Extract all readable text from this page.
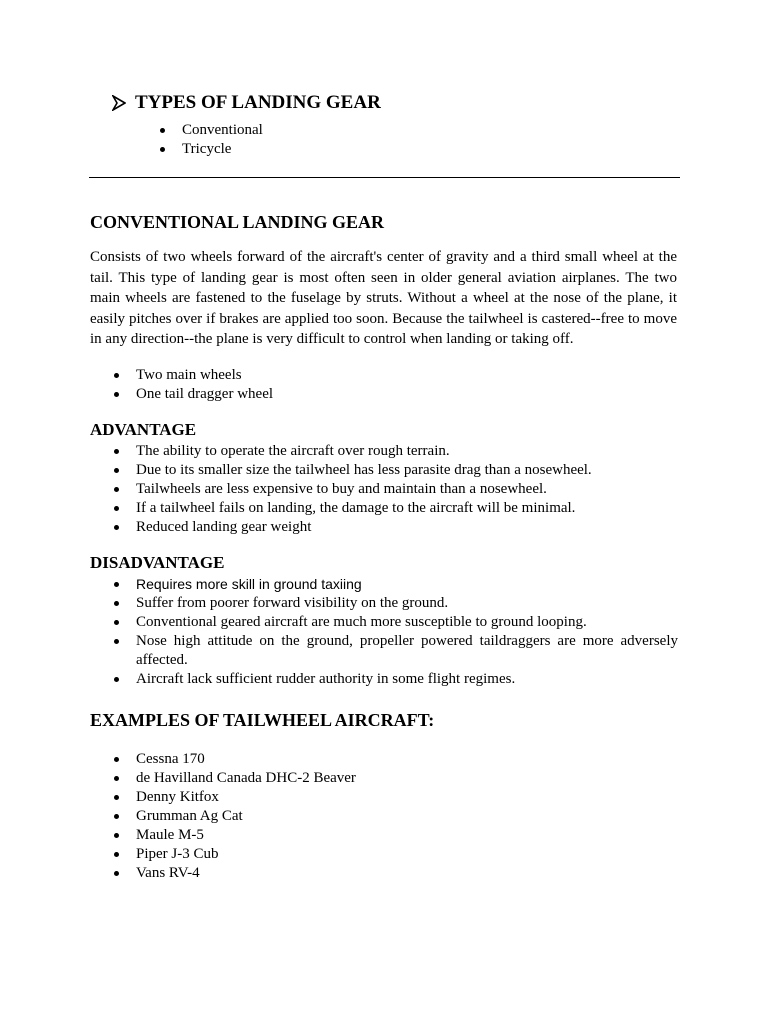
TYPES OF LANDING GEAR
Conventional
Tricycle
CONVENTIONAL LANDING GEAR

Consists of two wheels forward of the aircraft's center of gravity and a third small wheel at the tail. This type of landing gear is most often seen in older general aviation airplanes. The two main wheels are fastened to the fuselage by struts. Without a wheel at the nose of the plane, it easily pitches over if brakes are applied too soon. Because the tailwheel is castered--free to move in any direction--the plane is very difficult to control when landing or taking off.

Two main wheels
One tail dragger wheel
ADVANTAGE
The ability to operate the aircraft over rough terrain.
Due to its smaller size the tailwheel has less parasite drag than a nosewheel.
Tailwheels are less expensive to buy and maintain than a nosewheel.
If a tailwheel fails on landing, the damage to the aircraft will be minimal.
Reduced landing gear weight
DISADVANTAGE
Requires more skill in ground taxiing
Suffer from poorer forward visibility on the ground.
Conventional geared aircraft are much more susceptible to ground looping.
Nose high attitude on the ground, propeller powered taildraggers are more adversely affected.
Aircraft lack sufficient rudder authority in some flight regimes.
EXAMPLES OF TAILWHEEL AIRCRAFT:
Cessna 170
de Havilland Canada DHC-2 Beaver
Denny Kitfox
Grumman Ag Cat
Maule M-5
Piper J-3 Cub
Vans RV-4
